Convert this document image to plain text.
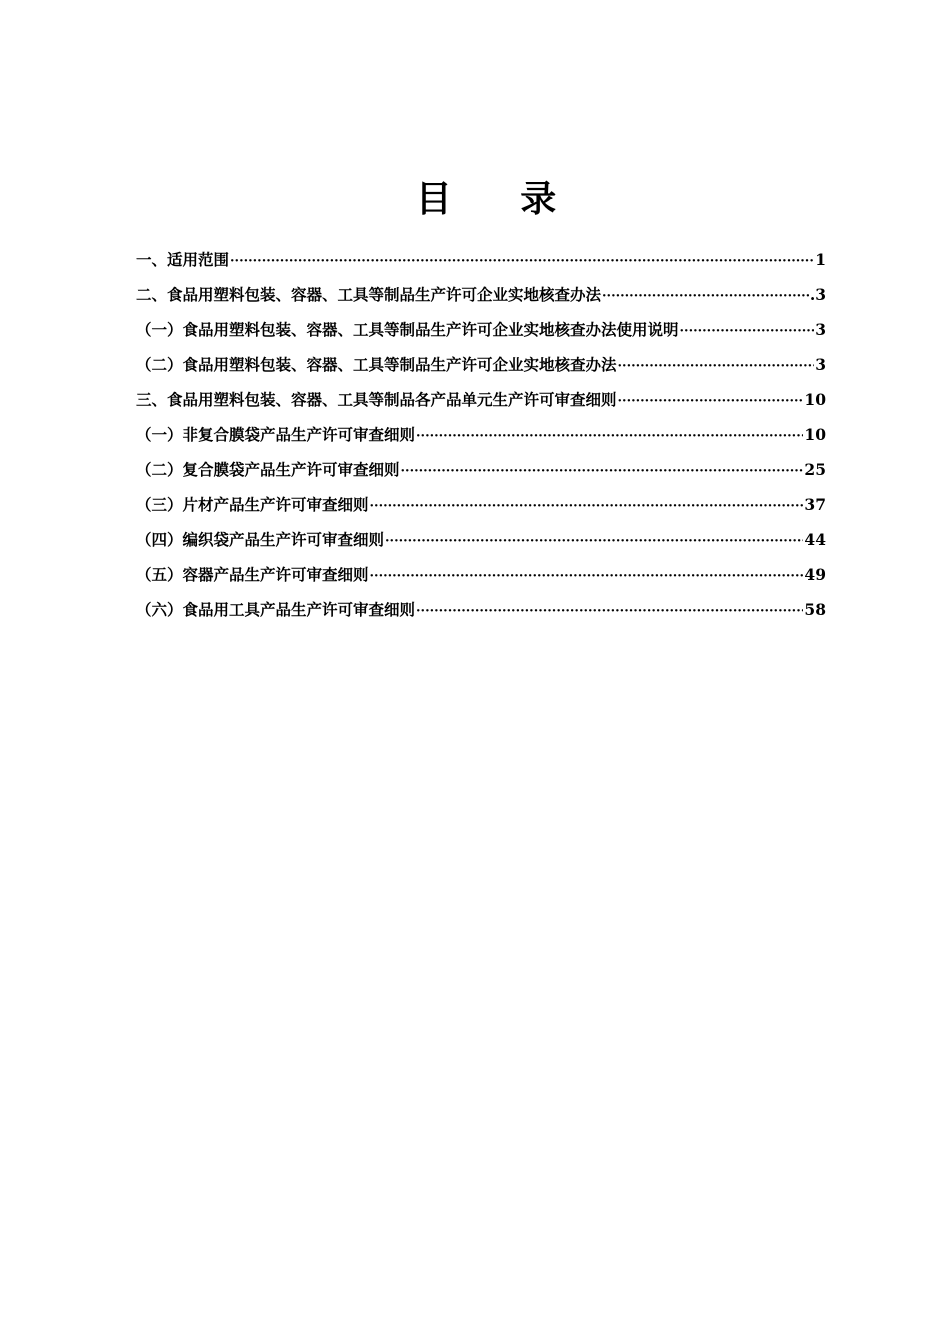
目 录
一、适用范围 ·····	1
二、食品用塑料包装、容器、工具等制品生产许可企业实地核查办法 ·····	.3
（一）食品用塑料包装、容器、工具等制品生产许可企业实地核查办法使用说明 ·····	3
（二）食品用塑料包装、容器、工具等制品生产许可企业实地核查办法 ·····	3
三、食品用塑料包装、容器、工具等制品各产品单元生产许可审查细则 ·····	10
（一）非复合膜袋产品生产许可审查细则 ·····	10
（二）复合膜袋产品生产许可审查细则 ·····	25
（三）片材产品生产许可审查细则 ·····	37
（四）编织袋产品生产许可审查细则 ·····	44
（五）容器产品生产许可审查细则 ·····	49
（六）食品用工具产品生产许可审查细则 ·····	58
